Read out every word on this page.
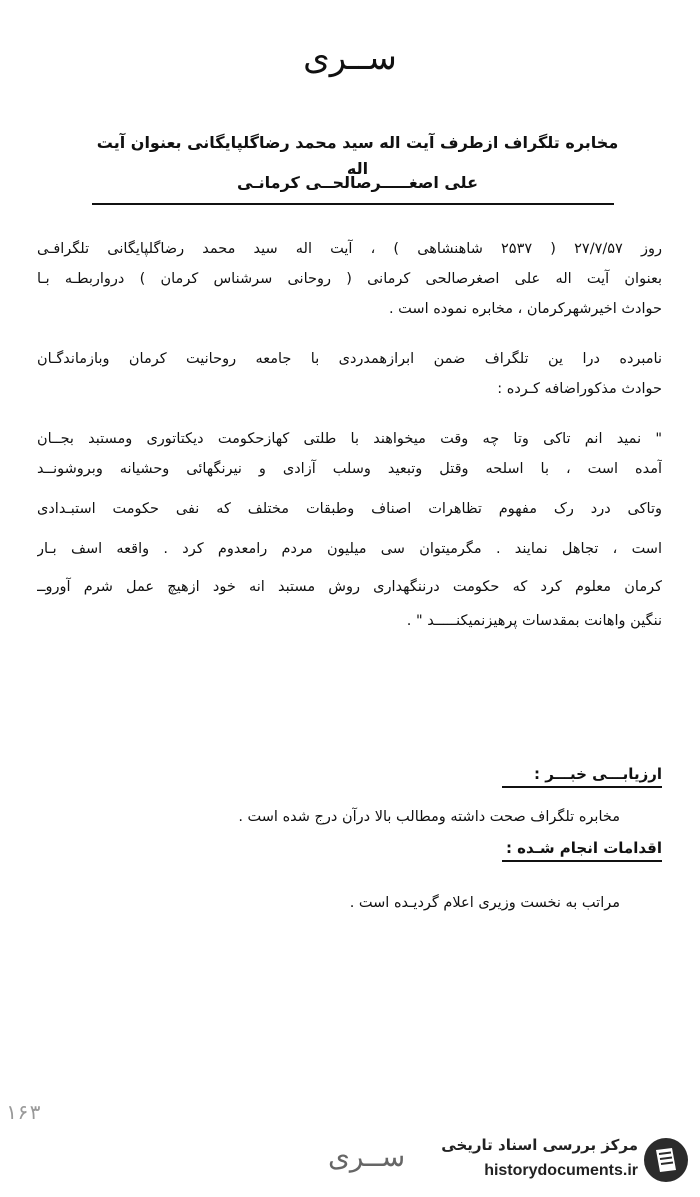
ســری
مخابره تلگراف ازطرف آیت اله سید محمد رضاگلپایگانی بعنوان آیت اله
علی اصغـــــرصالحــی کرمانـی
روز ۲۷/۷/۵۷ ( ۲۵۳۷ شاهنشاهی ) ، آیت اله سید محمد رضاگلپایگانی تلگرافـی
بعنوان آیت اله علی اصغرصالحی کرمانی ( روحانی سرشناس کرمان ) درواربطـه بـا
حوادث اخیرشهرکرمان ، مخابره نموده است .
نامبرده درا ین تلگراف ضمن ابرازهمدردی با جامعه روحانیت کرمان وبازماندگـان
حوادث مذکوراضافه کـرده :
" نمید انم تاکی وتا چه وقت میخواهند با طلتی کهازحکومت دیکتاتوری ومستبد بجــان
آمده است ، با اسلحه وقتل وتبعید وسلب آزادی و نیرنگهائی وحشیانه وبروشونــد
وتاکی درد رک مفهوم تظاهرات اصناف وطبقات مختلف که نفی حکومت استبـدادی
است ، تجاهل نمایند . مگرمیتوان سی میلیون مردم رامعدوم کرد . واقعه اسف بـار
کرمان معلوم کرد که حکومت درننگهداری روش مستبد انه خود ازهیچ عمل شرم آوروــ
ننگین واهانت بمقدسات پرهیزنمیکنـــــد " .
ارزیابـــی خبـــر :
مخابره تلگراف صحت داشته ومطالب بالا درآن درج شده است .
اقدامات انجام شـده :
مراتب به نخست وزیری اعلام گردیـده است .
۱۶۳
ســری مرکز بررسی اسناد تاریخی
historydocuments.ir
